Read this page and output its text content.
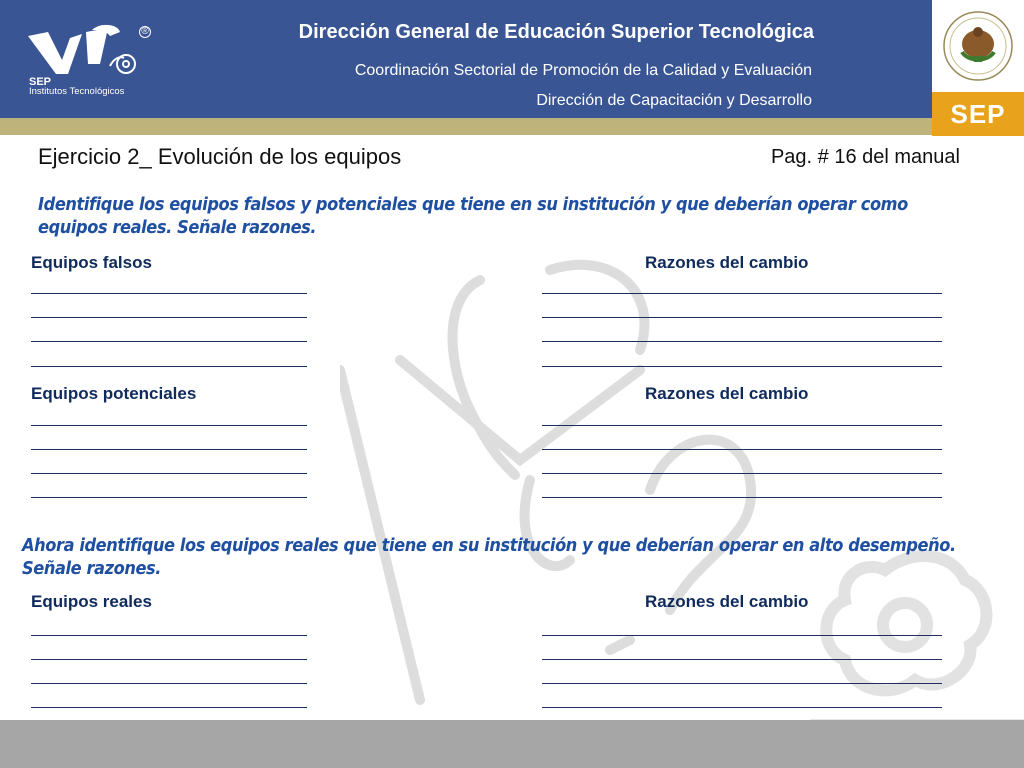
SEP
Institutos Tecnológicos
®	Dirección General de Educación Superior Tecnológica
Coordinación Sectorial de Promoción de la Calidad y Evaluación
Dirección de Capacitación y Desarrollo	SEP
Ejercicio 2_ Evolución de los equipos	Pag. # 16 del manual
Identifique los equipos falsos y potenciales que tiene en su institución y que deberían operar como equipos reales. Señale razones.
Equipos falsos	Razones del cambio
Equipos potenciales	Razones del cambio
Ahora identifique los equipos reales que tiene en su institución y que deberían operar en alto desempeño. Señale razones.
Equipos reales	Razones del cambio
